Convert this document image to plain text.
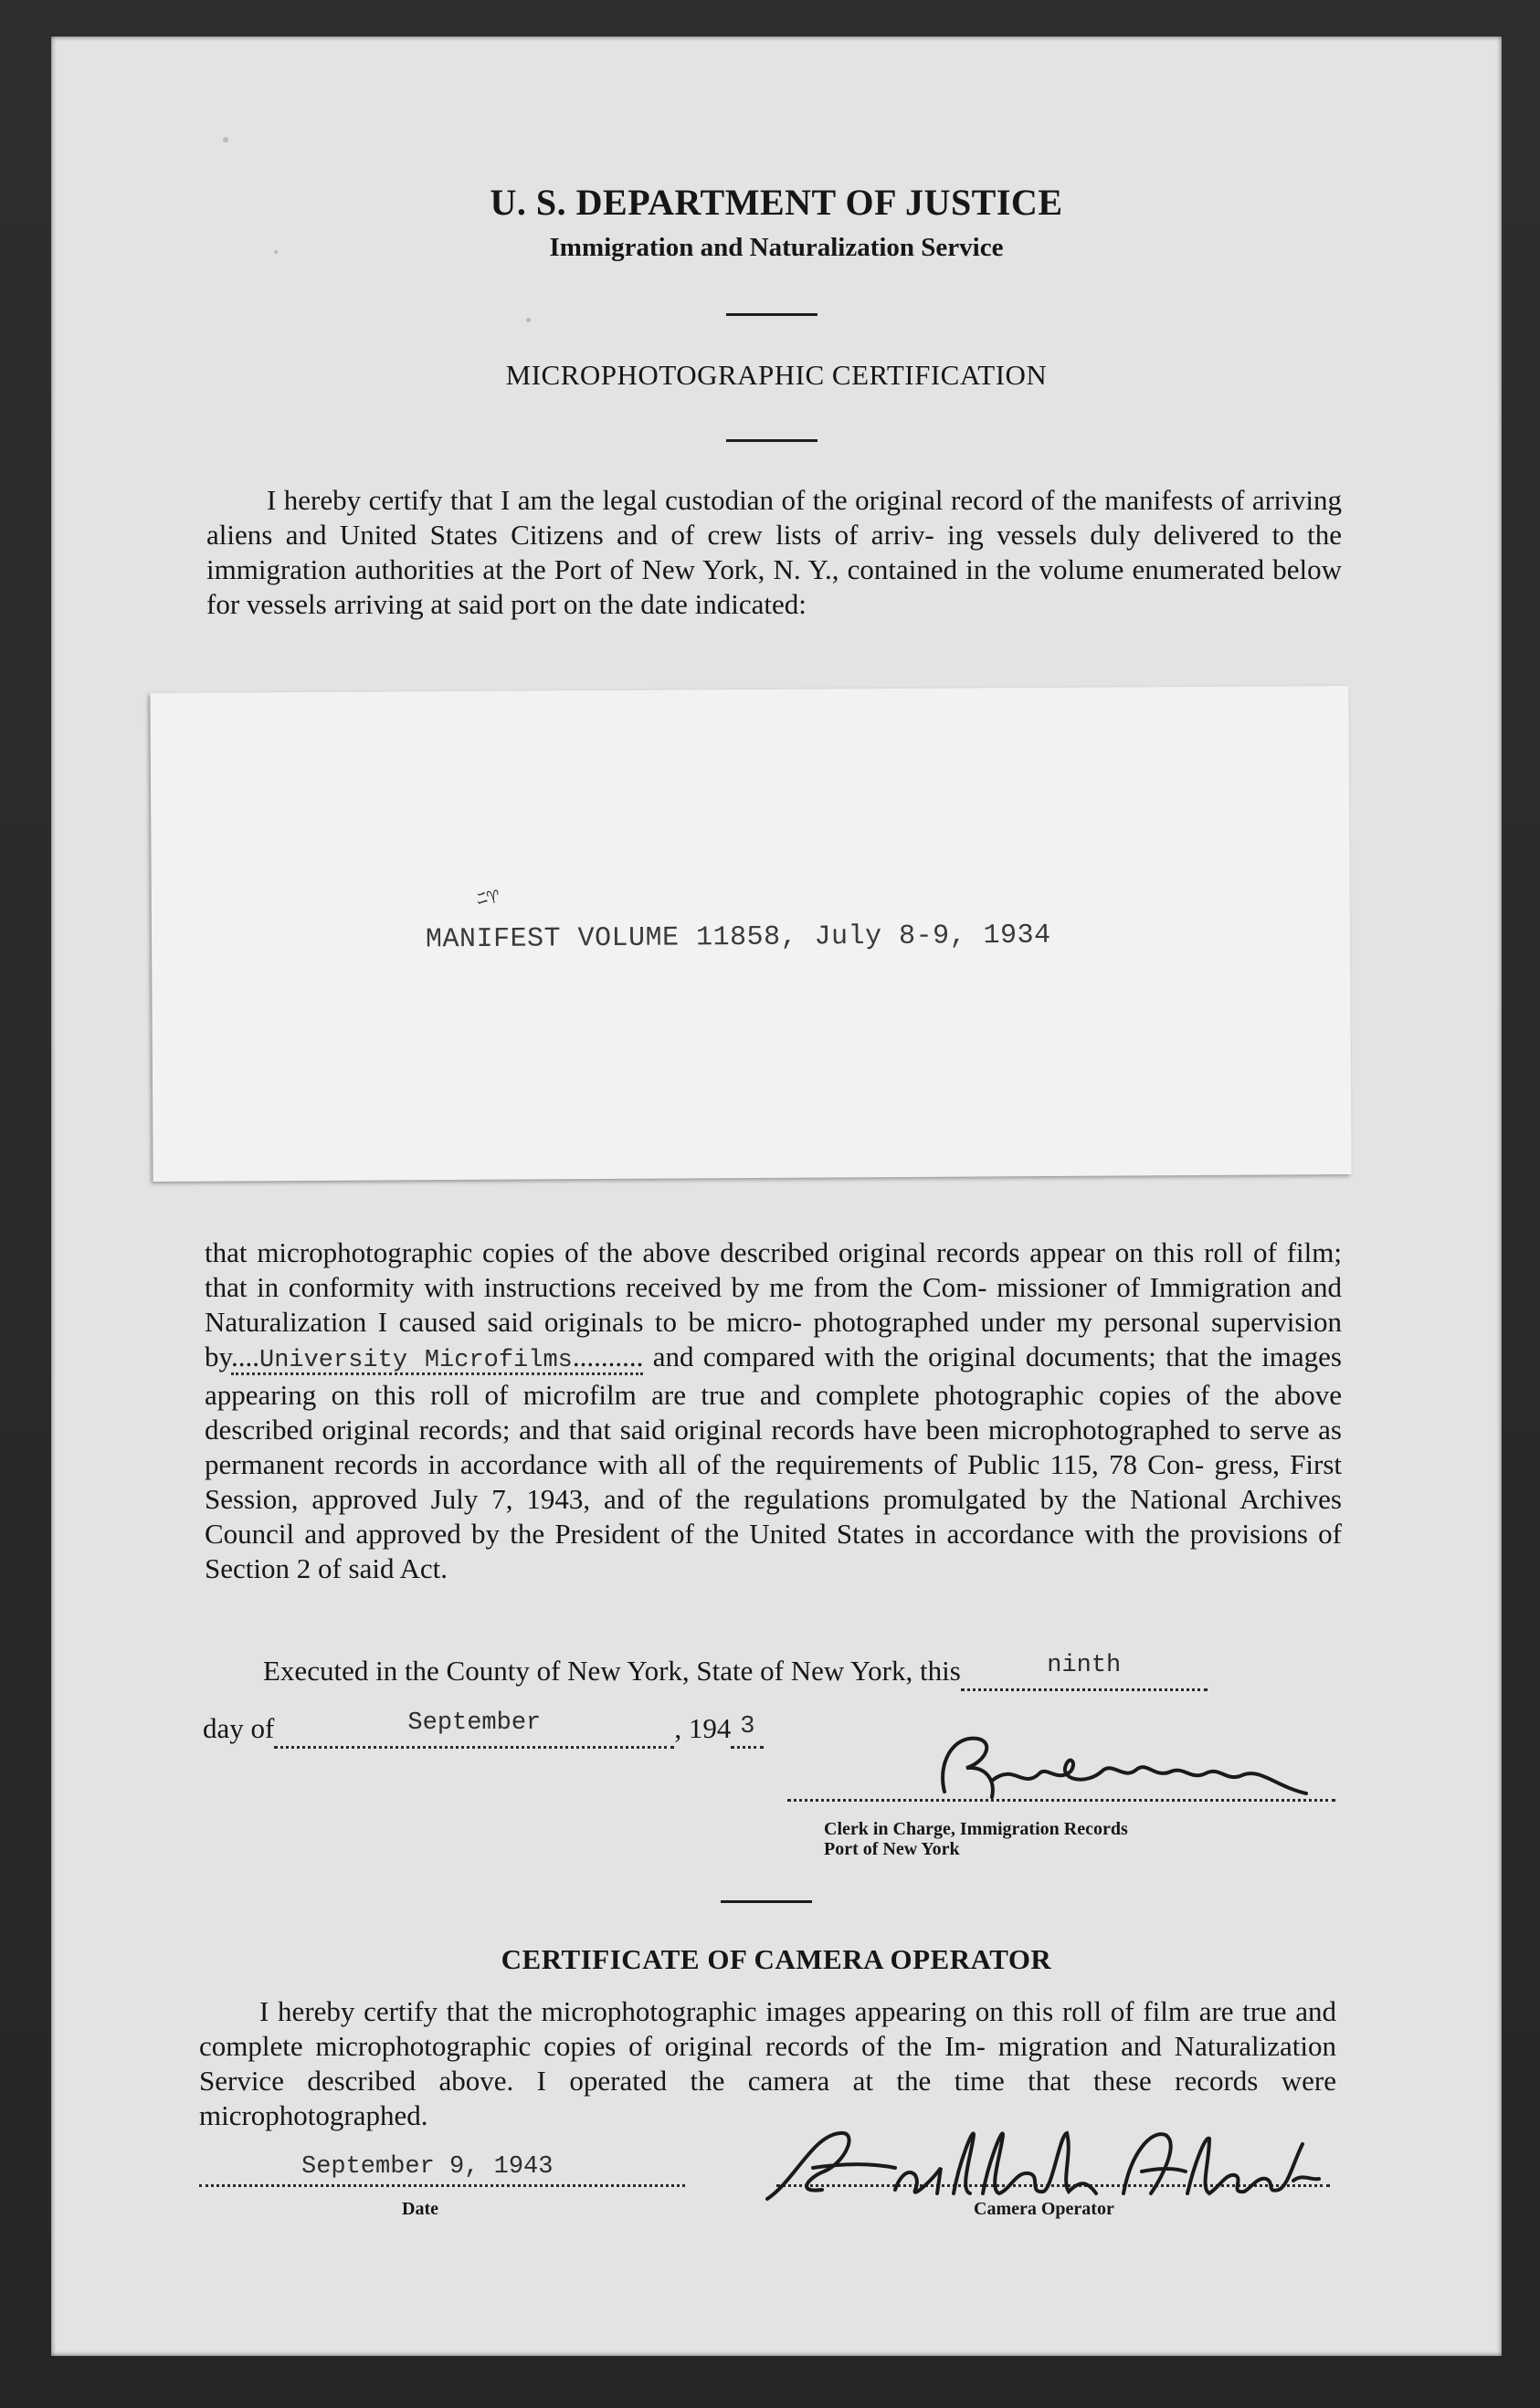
U. S. DEPARTMENT OF JUSTICE
Immigration and Naturalization Service
MICROPHOTOGRAPHIC CERTIFICATION
I hereby certify that I am the legal custodian of the original record of the manifests of arriving aliens and United States Citizens and of crew lists of arriv- ing vessels duly delivered to the immigration authorities at the Port of New York, N. Y., contained in the volume enumerated below for vessels arriving at said port on the date indicated:
ﾆ♈
MANIFEST VOLUME 11858, July 8-9, 1934
that microphotographic copies of the above described original records appear on this roll of film; that in conformity with instructions received by me from the Com- missioner of Immigration and Naturalization I caused said originals to be micro- photographed under my personal supervision by....University Microfilms.......... and compared with the original documents; that the images appearing on this roll of microfilm are true and complete photographic copies of the above described original records; and that said original records have been microphotographed to serve as permanent records in accordance with all of the requirements of Public 115, 78 Con- gress, First Session, approved July 7, 1943, and of the regulations promulgated by the National Archives Council and approved by the President of the United States in accordance with the provisions of Section 2 of said Act.
Executed in the County of New York, State of New York, this	ninth
day of	September	, 194 3
Clerk in Charge, Immigration Records
Port of New York
CERTIFICATE OF CAMERA OPERATOR
I hereby certify that the microphotographic images appearing on this roll of film are true and complete microphotographic copies of original records of the Im- migration and Naturalization Service described above. I operated the camera at the time that these records were microphotographed.
September 9, 1943
Date	Camera Operator
